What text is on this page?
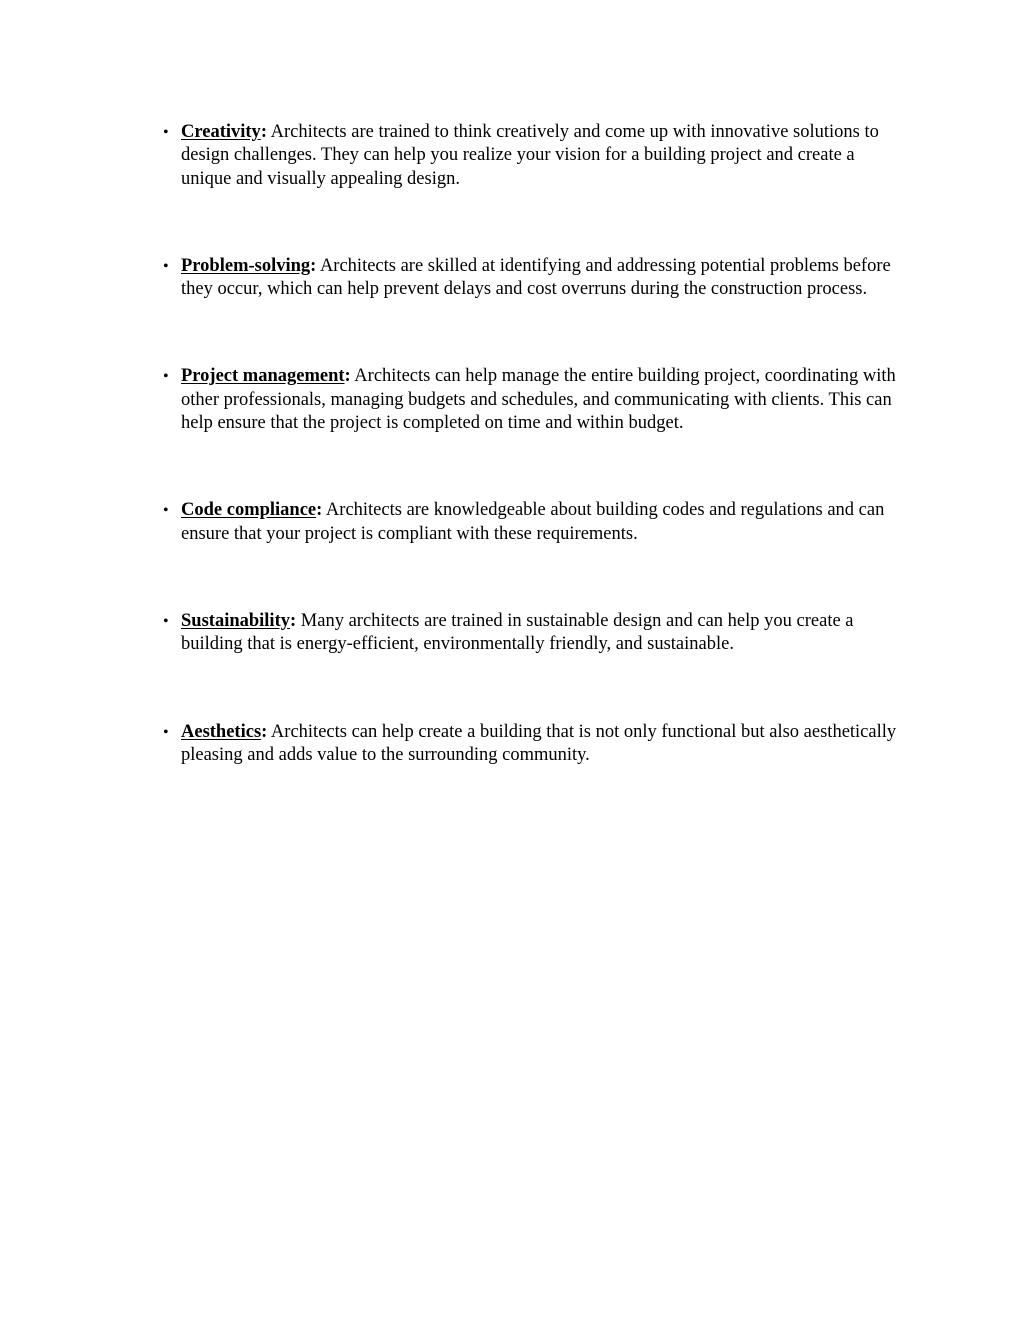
• Creativity: Architects are trained to think creatively and come up with innovative solutions to design challenges. They can help you realize your vision for a building project and create a unique and visually appealing design.
• Problem-solving: Architects are skilled at identifying and addressing potential problems before they occur, which can help prevent delays and cost overruns during the construction process.
• Project management: Architects can help manage the entire building project, coordinating with other professionals, managing budgets and schedules, and communicating with clients. This can help ensure that the project is completed on time and within budget.
• Code compliance: Architects are knowledgeable about building codes and regulations and can ensure that your project is compliant with these requirements.
• Sustainability: Many architects are trained in sustainable design and can help you create a building that is energy-efficient, environmentally friendly, and sustainable.
• Aesthetics: Architects can help create a building that is not only functional but also aesthetically pleasing and adds value to the surrounding community.
